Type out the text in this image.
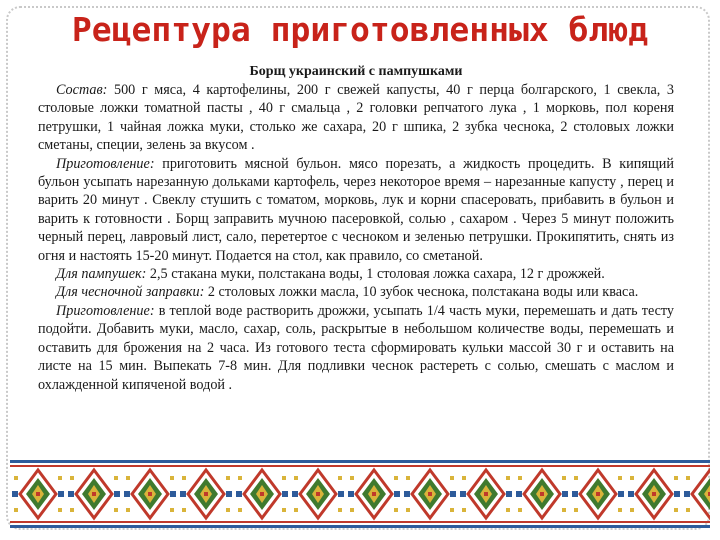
Рецептура приготовленных блюд
Борщ украинский с пампушками

Состав: 500 г мяса, 4 картофелины, 200 г свежей капусты, 40 г перца болгарского, 1 свекла, 3 столовые ложки томатной пасты , 40 г смальца , 2 головки репчатого лука , 1 морковь, пол кореня петрушки, 1 чайная ложка муки, столько же сахара, 20 г шпика, 2 зубка чеснока, 2 столовых ложки сметаны, специи, зелень за вкусом .

Приготовление: приготовить мясной бульон. мясо порезать, а жидкость процедить. В кипящий бульон усыпать нарезанную дольками картофель, через некоторое время – нарезанные капусту , перец и варить 20 минут . Свеклу стушить с томатом, морковь, лук и корни спасеровать, прибавить в бульон и варить к готовности . Борщ заправить мучною пасеровкой, солью , сахаром . Через 5 минут положить черный перец, лавровый лист, сало, перетертое с чесноком и зеленью петрушки. Прокипятить, снять из огня и настоять 15-20 минут. Подается на стол, как правило, со сметаной.

Для пампушек: 2,5 стакана муки, полстакана воды, 1 столовая ложка сахара, 12 г дрожжей.

Для чесночной заправки: 2 столовых ложки масла, 10 зубок чеснока, полстакана воды или кваса.

Приготовление: в теплой воде растворить дрожжи, усыпать 1/4 часть муки, перемешать и дать тесту подойти. Добавить муки, масло, сахар, соль, раскрытые в небольшом количестве воды, перемешать и оставить для брожения на 2 часа. Из готового теста сформировать кульки массой 30 г и оставить на листе на 15 мин. Выпекать 7-8 мин. Для подливки чеснок растереть с солью, смешать с маслом и охлажденной кипяченой водой .
